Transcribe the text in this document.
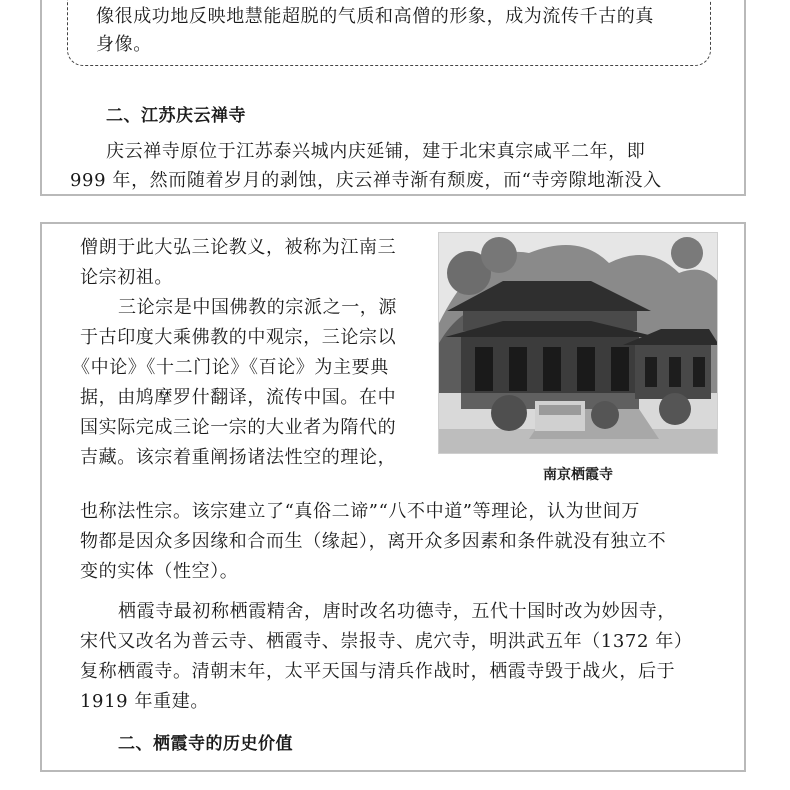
像很成功地反映地慧能超脱的气质和高僧的形象，成为流传千古的真
身像。
二、江苏庆云禅寺
庆云禅寺原位于江苏泰兴城内庆延铺，建于北宋真宗咸平二年，即
999 年，然而随着岁月的剥蚀，庆云禅寺渐有颓废，而“寺旁隙地渐没入
僧朗于此大弘三论教义，被称为江南三
论宗初祖。
三论宗是中国佛教的宗派之一，源
于古印度大乘佛教的中观宗，三论宗以
《中论》《十二门论》《百论》为主要典
据，由鸠摩罗什翻译，流传中国。在中
国实际完成三论一宗的大业者为隋代的
吉藏。该宗着重阐扬诸法性空的理论，
南京栖霞寺
也称法性宗。该宗建立了“真俗二谛”“八不中道”等理论，认为世间万
物都是因众多因缘和合而生（缘起），离开众多因素和条件就没有独立不
变的实体（性空）。
栖霞寺最初称栖霞精舍，唐时改名功德寺，五代十国时改为妙因寺，
宋代又改名为普云寺、栖霞寺、崇报寺、虎穴寺，明洪武五年（1372 年）
复称栖霞寺。清朝末年，太平天国与清兵作战时，栖霞寺毁于战火，后于
1919 年重建。
二、栖霞寺的历史价值
